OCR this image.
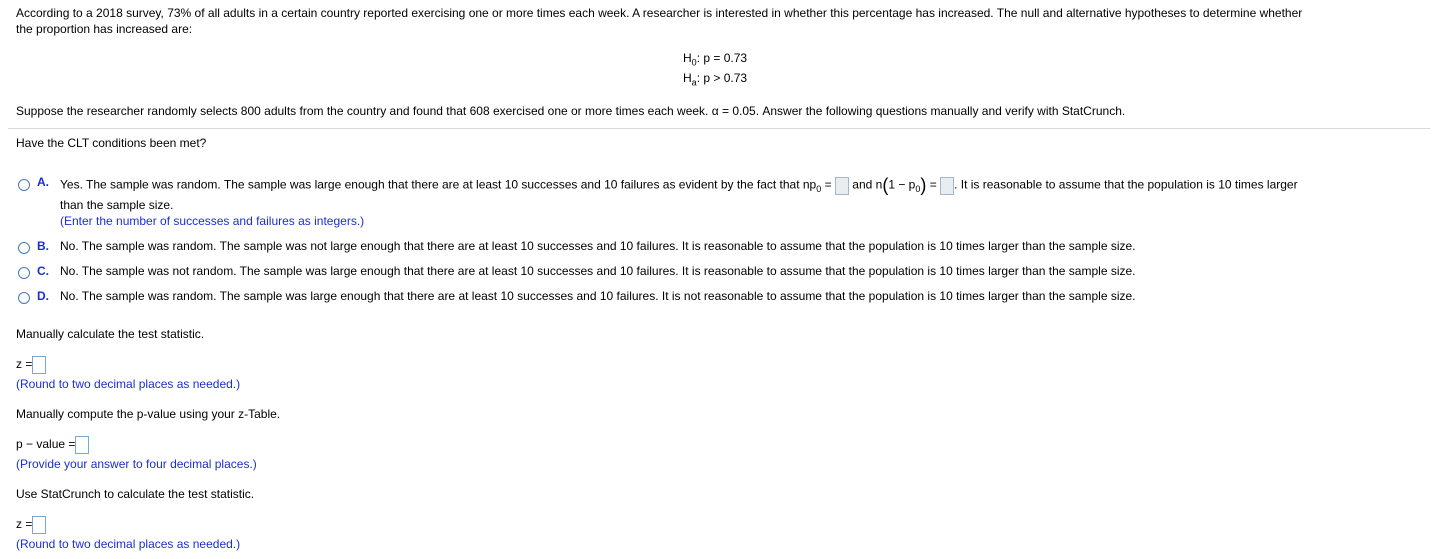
According to a 2018 survey, 73% of all adults in a certain country reported exercising one or more times each week. A researcher is interested in whether this percentage has increased. The null and alternative hypotheses to determine whether
the proportion has increased are:
$H_0$: p = 0.73
$H_a$: p > 0.73
Suppose the researcher randomly selects 800 adults from the country and found that 608 exercised one or more times each week. α = 0.05. Answer the following questions manually and verify with StatCrunch.
Have the CLT conditions been met?
A. Yes. The sample was random. The sample was large enough that there are at least 10 successes and 10 failures as evident by the fact that $np_0$ = and $n(1 - p_0)$ = . It is reasonable to assume that the population is 10 times larger
than the sample size.
(Enter the number of successes and failures as integers.)
B. No. The sample was random. The sample was not large enough that there are at least 10 successes and 10 failures. It is reasonable to assume that the population is 10 times larger than the sample size.
C. No. The sample was not random. The sample was large enough that there are at least 10 successes and 10 failures. It is reasonable to assume that the population is 10 times larger than the sample size.
D. No. The sample was random. The sample was large enough that there are at least 10 successes and 10 failures. It is not reasonable to assume that the population is 10 times larger than the sample size.
Manually calculate the test statistic.
z =
(Round to two decimal places as needed.)
Manually compute the p-value using your z-Table.
p − value =
(Provide your answer to four decimal places.)
Use StatCrunch to calculate the test statistic.
z =
(Round to two decimal places as needed.)
